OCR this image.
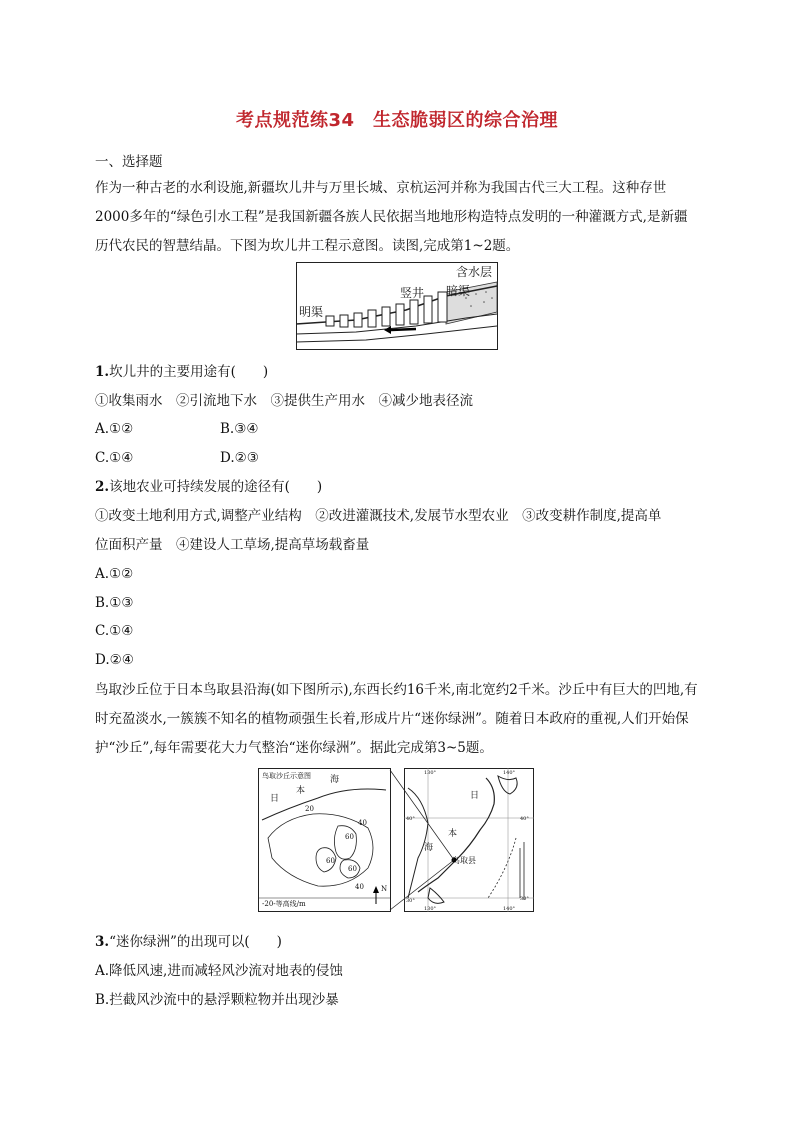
考点规范练34　生态脆弱区的综合治理
一、选择题
作为一种古老的水利设施,新疆坎儿井与万里长城、京杭运河并称为我国古代三大工程。这种存世2000多年的“绿色引水工程”是我国新疆各族人民依据当地地形构造特点发明的一种灌溉方式,是新疆历代农民的智慧结晶。下图为坎儿井工程示意图。读图,完成第1~2题。
含水层
竖井 暗渠
明渠
1.坎儿井的主要用途有(　　)
①收集雨水　②引流地下水　③提供生产用水　④减少地表径流
A.①②	B.③④
C.①④	D.②③
2.该地农业可持续发展的途径有(　　)
①改变土地利用方式,调整产业结构　②改进灌溉技术,发展节水型农业　③改变耕作制度,提高单
位面积产量　④建设人工草场,提高草场载畜量
A.①②
B.①③
C.①④
D.②④
鸟取沙丘位于日本鸟取县沿海(如下图所示),东西长约16千米,南北宽约2千米。沙丘中有巨大的凹地,有时充盈淡水,一簇簇不知名的植物顽强生长着,形成片片“迷你绿洲”。随着日本政府的重视,人们开始保护“沙丘”,每年需要花大力气整治“迷你绿洲”。据此完成第3~5题。
鸟取沙丘示意图 海
日
本
20
40
40
60
60
60
-20-等高线/m
N
日
本
海
鸟取县
130°	140°
40°
30°
130°	140°
40°
30°
3.“迷你绿洲”的出现可以(　　)
A.降低风速,进而减轻风沙流对地表的侵蚀
B.拦截风沙流中的悬浮颗粒物并出现沙暴
